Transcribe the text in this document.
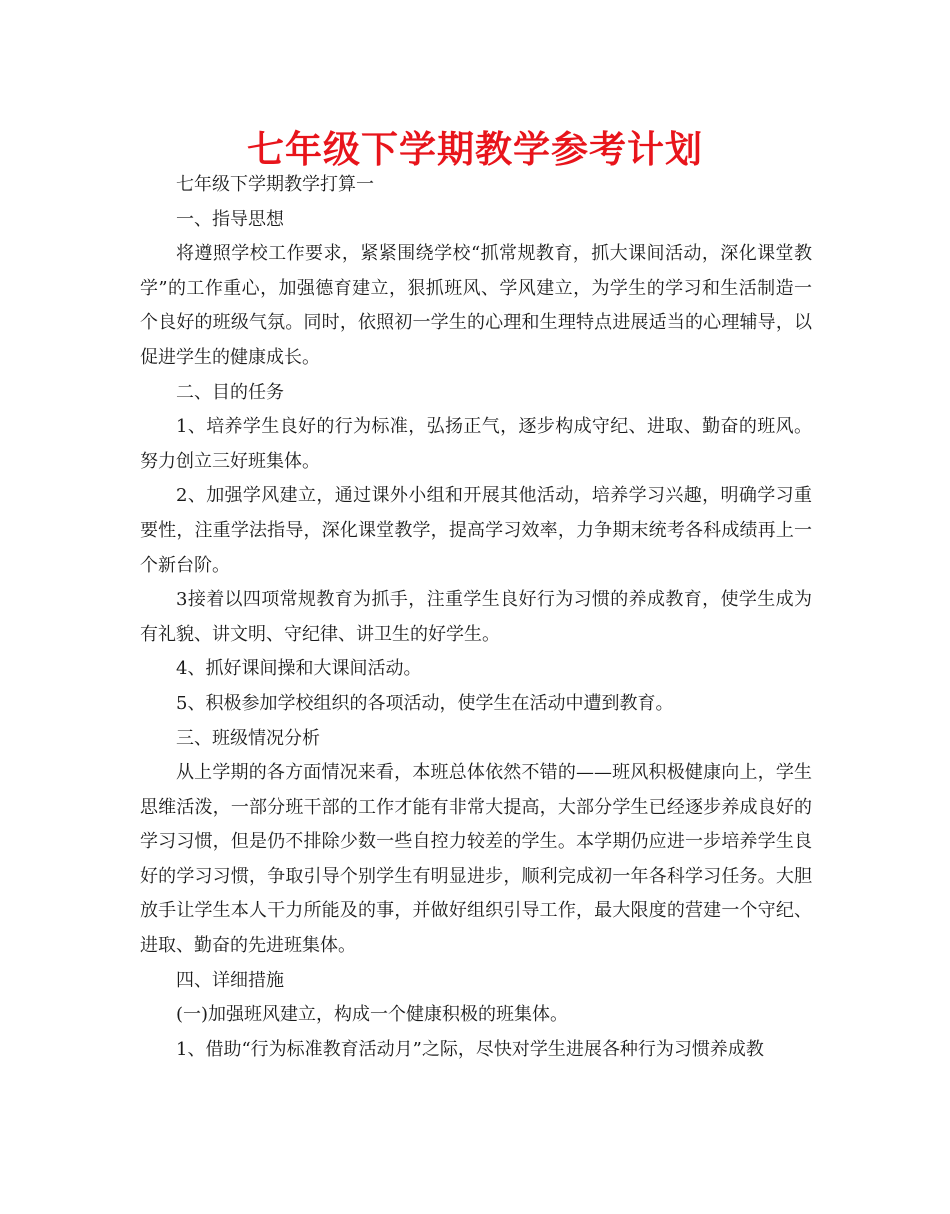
七年级下学期教学参考计划

七年级下学期教学打算一

一、指导思想

将遵照学校工作要求，紧紧围绕学校“抓常规教育，抓大课间活动，深化课堂教学”的工作重心，加强德育建立，狠抓班风、学风建立，为学生的学习和生活制造一个良好的班级气氛。同时，依照初一学生的心理和生理特点进展适当的心理辅导，以促进学生的健康成长。

二、目的任务

1、培养学生良好的行为标准，弘扬正气，逐步构成守纪、进取、勤奋的班风。努力创立三好班集体。

2、加强学风建立，通过课外小组和开展其他活动，培养学习兴趣，明确学习重要性，注重学法指导，深化课堂教学，提高学习效率，力争期末统考各科成绩再上一个新台阶。

3接着以四项常规教育为抓手，注重学生良好行为习惯的养成教育，使学生成为有礼貌、讲文明、守纪律、讲卫生的好学生。

4、抓好课间操和大课间活动。

5、积极参加学校组织的各项活动，使学生在活动中遭到教育。

三、班级情况分析

从上学期的各方面情况来看，本班总体依然不错的——班风积极健康向上，学生思维活泼，一部分班干部的工作才能有非常大提高，大部分学生已经逐步养成良好的学习习惯，但是仍不排除少数一些自控力较差的学生。本学期仍应进一步培养学生良好的学习习惯，争取引导个别学生有明显进步，顺利完成初一年各科学习任务。大胆放手让学生本人干力所能及的事，并做好组织引导工作，最大限度的营建一个守纪、进取、勤奋的先进班集体。

四、详细措施

(一)加强班风建立，构成一个健康积极的班集体。

1、借助“行为标准教育活动月”之际，尽快对学生进展各种行为习惯养成教
